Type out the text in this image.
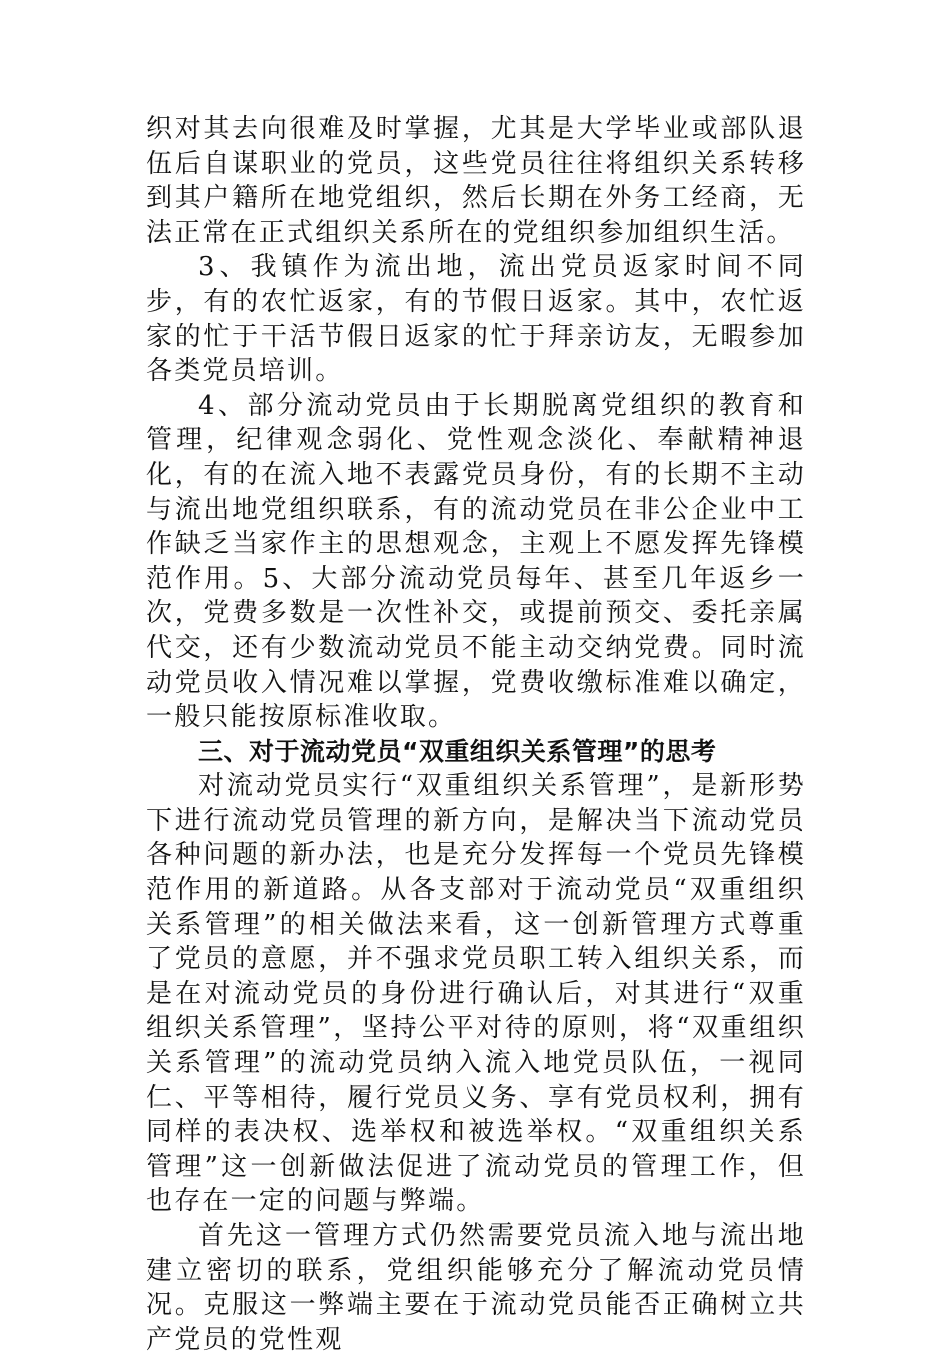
织对其去向很难及时掌握，尤其是大学毕业或部队退伍后自谋职业的党员，这些党员往往将组织关系转移到其户籍所在地党组织，然后长期在外务工经商，无法正常在正式组织关系所在的党组织参加组织生活。

3、我镇作为流出地，流出党员返家时间不同步，有的农忙返家，有的节假日返家。其中，农忙返家的忙于干活节假日返家的忙于拜亲访友，无暇参加各类党员培训。

4、部分流动党员由于长期脱离党组织的教育和管理，纪律观念弱化、党性观念淡化、奉献精神退化，有的在流入地不表露党员身份，有的长期不主动与流出地党组织联系，有的流动党员在非公企业中工作缺乏当家作主的思想观念，主观上不愿发挥先锋模范作用。5、大部分流动党员每年、甚至几年返乡一次，党费多数是一次性补交，或提前预交、委托亲属代交，还有少数流动党员不能主动交纳党费。同时流动党员收入情况难以掌握，党费收缴标准难以确定，一般只能按原标准收取。

三、对于流动党员“双重组织关系管理”的思考

对流动党员实行“双重组织关系管理”，是新形势下进行流动党员管理的新方向，是解决当下流动党员各种问题的新办法，也是充分发挥每一个党员先锋模范作用的新道路。从各支部对于流动党员“双重组织关系管理”的相关做法来看，这一创新管理方式尊重了党员的意愿，并不强求党员职工转入组织关系，而是在对流动党员的身份进行确认后，对其进行“双重组织关系管理”，坚持公平对待的原则，将“双重组织关系管理”的流动党员纳入流入地党员队伍，一视同仁、平等相待，履行党员义务、享有党员权利，拥有同样的表决权、选举权和被选举权。“双重组织关系管理”这一创新做法促进了流动党员的管理工作，但也存在一定的问题与弊端。

首先这一管理方式仍然需要党员流入地与流出地建立密切的联系，党组织能够充分了解流动党员情况。克服这一弊端主要在于流动党员能否正确树立共产党员的党性观
